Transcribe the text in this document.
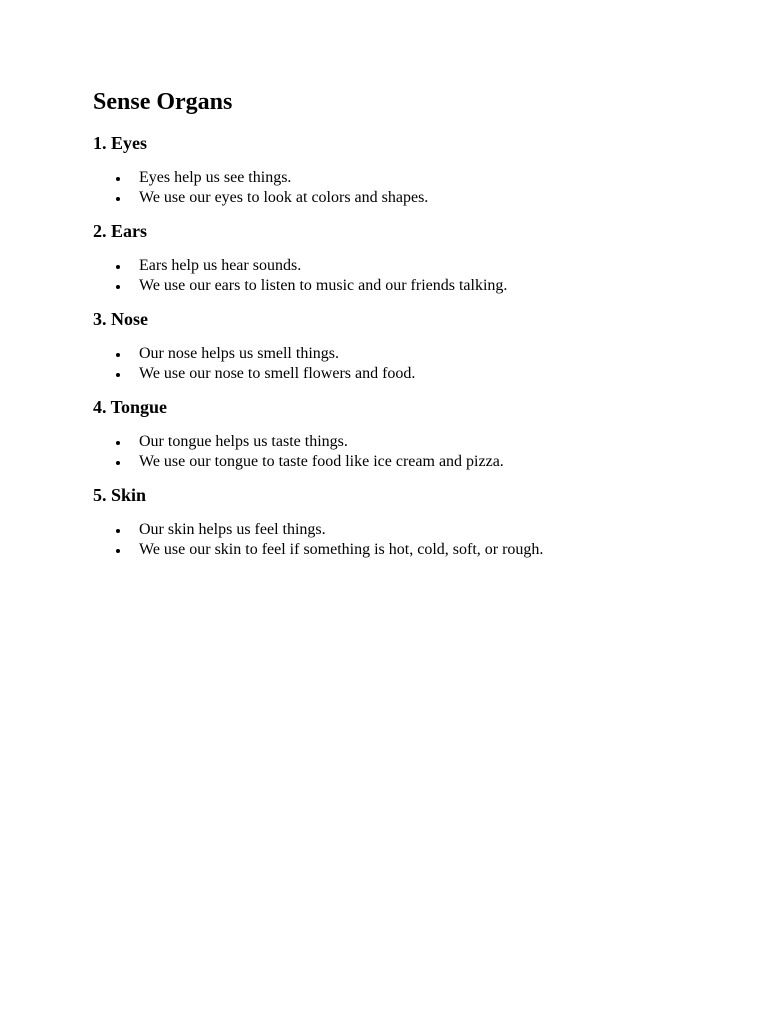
Sense Organs
1. Eyes
Eyes help us see things.
We use our eyes to look at colors and shapes.
2. Ears
Ears help us hear sounds.
We use our ears to listen to music and our friends talking.
3. Nose
Our nose helps us smell things.
We use our nose to smell flowers and food.
4. Tongue
Our tongue helps us taste things.
We use our tongue to taste food like ice cream and pizza.
5. Skin
Our skin helps us feel things.
We use our skin to feel if something is hot, cold, soft, or rough.
